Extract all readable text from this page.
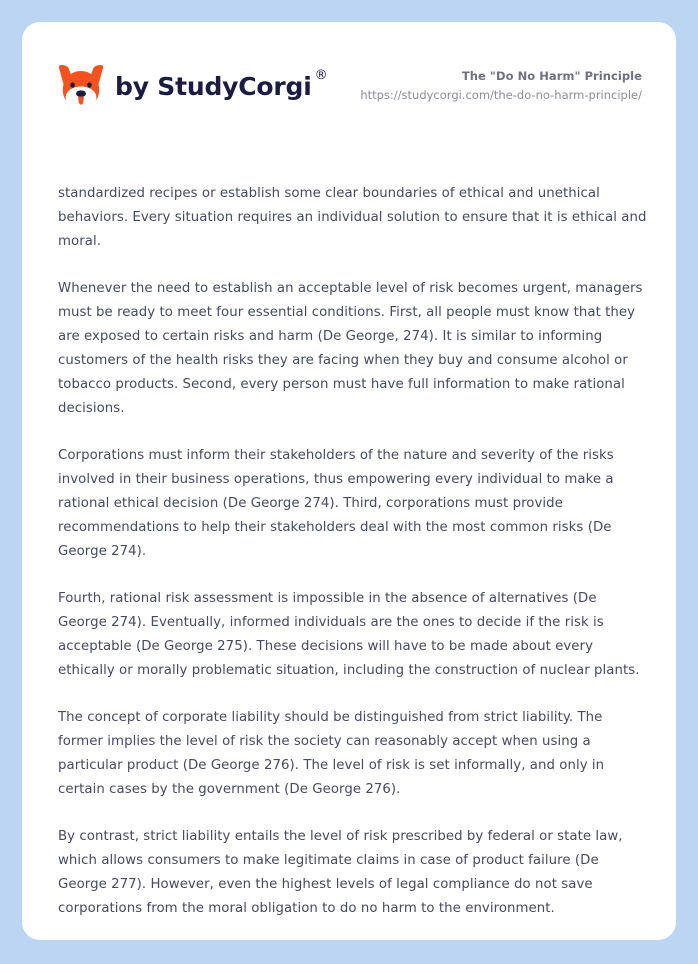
by StudyCorgi ®	The "Do No Harm" Principle
https://studycorgi.com/the-do-no-harm-principle/

standardized recipes or establish some clear boundaries of ethical and unethical behaviors. Every situation requires an individual solution to ensure that it is ethical and moral.

Whenever the need to establish an acceptable level of risk becomes urgent, managers must be ready to meet four essential conditions. First, all people must know that they are exposed to certain risks and harm (De George, 274). It is similar to informing customers of the health risks they are facing when they buy and consume alcohol or tobacco products. Second, every person must have full information to make rational decisions.

Corporations must inform their stakeholders of the nature and severity of the risks involved in their business operations, thus empowering every individual to make a rational ethical decision (De George 274). Third, corporations must provide recommendations to help their stakeholders deal with the most common risks (De George 274).

Fourth, rational risk assessment is impossible in the absence of alternatives (De George 274). Eventually, informed individuals are the ones to decide if the risk is acceptable (De George 275). These decisions will have to be made about every ethically or morally problematic situation, including the construction of nuclear plants.

The concept of corporate liability should be distinguished from strict liability. The former implies the level of risk the society can reasonably accept when using a particular product (De George 276). The level of risk is set informally, and only in certain cases by the government (De George 276).

By contrast, strict liability entails the level of risk prescribed by federal or state law, which allows consumers to make legitimate claims in case of product failure (De George 277). However, even the highest levels of legal compliance do not save corporations from the moral obligation to do no harm to the environment.
